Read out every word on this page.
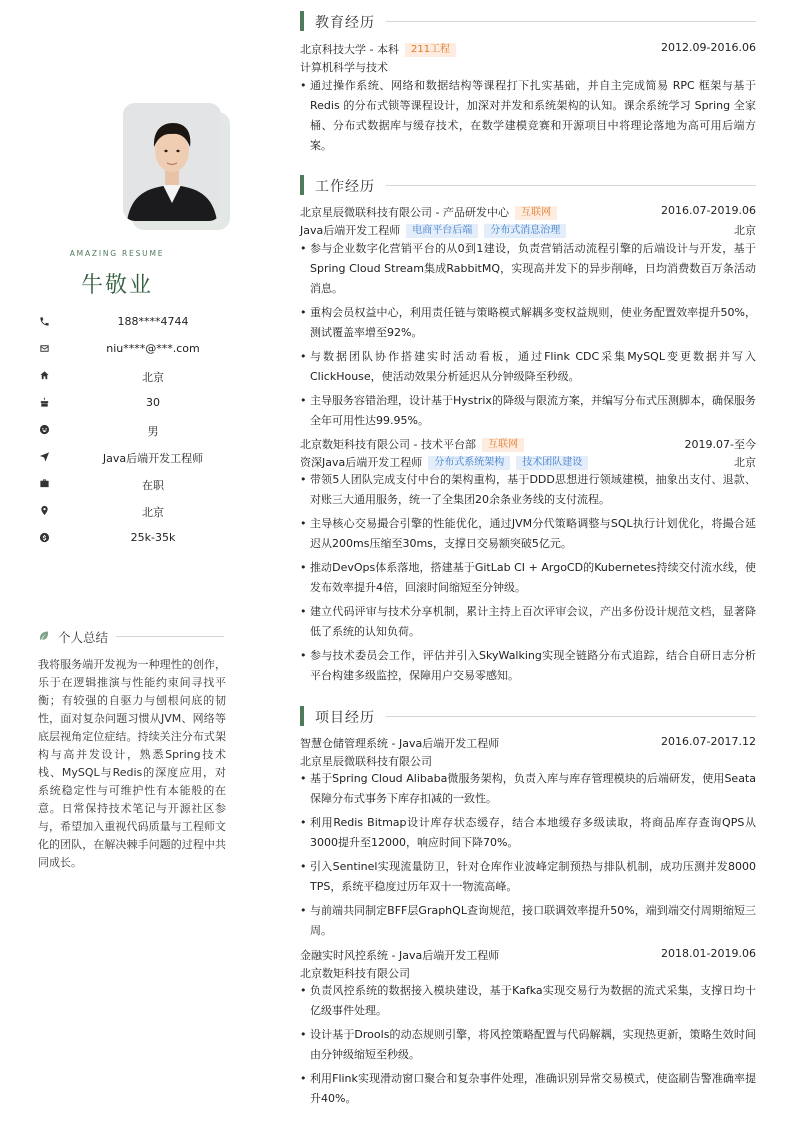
AMAZING RESUME
牛敬业
188****4744
niu****@***.com
北京
30
男
Java后端开发工程师
在职
北京
25k-35k
个人总结
我将服务端开发视为一种理性的创作，乐于在逻辑推演与性能约束间寻找平衡；有较强的自驱力与刨根问底的韧性，面对复杂问题习惯从JVM、网络等底层视角定位症结。持续关注分布式架构与高并发设计，熟悉Spring技术栈、MySQL与Redis的深度应用，对系统稳定性与可维护性有本能般的在意。日常保持技术笔记与开源社区参与，希望加入重视代码质量与工程师文化的团队，在解决棘手问题的过程中共同成长。
教育经历
北京科技大学 - 本科 211工程	2012.09-2016.06
计算机科学与技术
• 通过操作系统、网络和数据结构等课程打下扎实基础，并自主完成简易 RPC 框架与基于 Redis 的分布式锁等课程设计，加深对并发和系统架构的认知。课余系统学习 Spring 全家桶、分布式数据库与缓存技术，在数学建模竞赛和开源项目中将理论落地为高可用后端方案。
工作经历
北京星辰微联科技有限公司 - 产品研发中心 互联网	2016.07-2019.06
Java后端开发工程师 电商平台后端 分布式消息治理	北京
• 参与企业数字化营销平台的从0到1建设，负责营销活动流程引擎的后端设计与开发，基于Spring Cloud Stream集成RabbitMQ，实现高并发下的异步削峰，日均消费数百万条活动消息。
• 重构会员权益中心，利用责任链与策略模式解耦多变权益规则，使业务配置效率提升50%，测试覆盖率增至92%。
• 与数据团队协作搭建实时活动看板，通过Flink CDC采集MySQL变更数据并写入ClickHouse，使活动效果分析延迟从分钟级降至秒级。
• 主导服务容错治理，设计基于Hystrix的降级与限流方案，并编写分布式压测脚本，确保服务全年可用性达99.95%。
北京数矩科技有限公司 - 技术平台部 互联网	2019.07-至今
资深Java后端开发工程师 分布式系统架构 技术团队建设	北京
• 带领5人团队完成支付中台的架构重构，基于DDD思想进行领域建模，抽象出支付、退款、对账三大通用服务，统一了全集团20余条业务线的支付流程。
• 主导核心交易撮合引擎的性能优化，通过JVM分代策略调整与SQL执行计划优化，将撮合延迟从200ms压缩至30ms，支撑日交易额突破5亿元。
• 推动DevOps体系落地，搭建基于GitLab CI + ArgoCD的Kubernetes持续交付流水线，使发布效率提升4倍，回滚时间缩短至分钟级。
• 建立代码评审与技术分享机制，累计主持上百次评审会议，产出多份设计规范文档，显著降低了系统的认知负荷。
• 参与技术委员会工作，评估并引入SkyWalking实现全链路分布式追踪，结合自研日志分析平台构建多级监控，保障用户交易零感知。
项目经历
智慧仓储管理系统 - Java后端开发工程师	2016.07-2017.12
北京星辰微联科技有限公司
• 基于Spring Cloud Alibaba微服务架构，负责入库与库存管理模块的后端研发，使用Seata保障分布式事务下库存扣减的一致性。
• 利用Redis Bitmap设计库存状态缓存，结合本地缓存多级读取，将商品库存查询QPS从3000提升至12000，响应时间下降70%。
• 引入Sentinel实现流量防卫，针对仓库作业波峰定制预热与排队机制，成功压测并发8000 TPS，系统平稳度过历年双十一物流高峰。
• 与前端共同制定BFF层GraphQL查询规范，接口联调效率提升50%，端到端交付周期缩短三周。
金融实时风控系统 - Java后端开发工程师	2018.01-2019.06
北京数矩科技有限公司
• 负责风控系统的数据接入模块建设，基于Kafka实现交易行为数据的流式采集，支撑日均十亿级事件处理。
• 设计基于Drools的动态规则引擎，将风控策略配置与代码解耦，实现热更新，策略生效时间由分钟级缩短至秒级。
• 利用Flink实现滑动窗口聚合和复杂事件处理，准确识别异常交易模式，使盗刷告警准确率提升40%。
